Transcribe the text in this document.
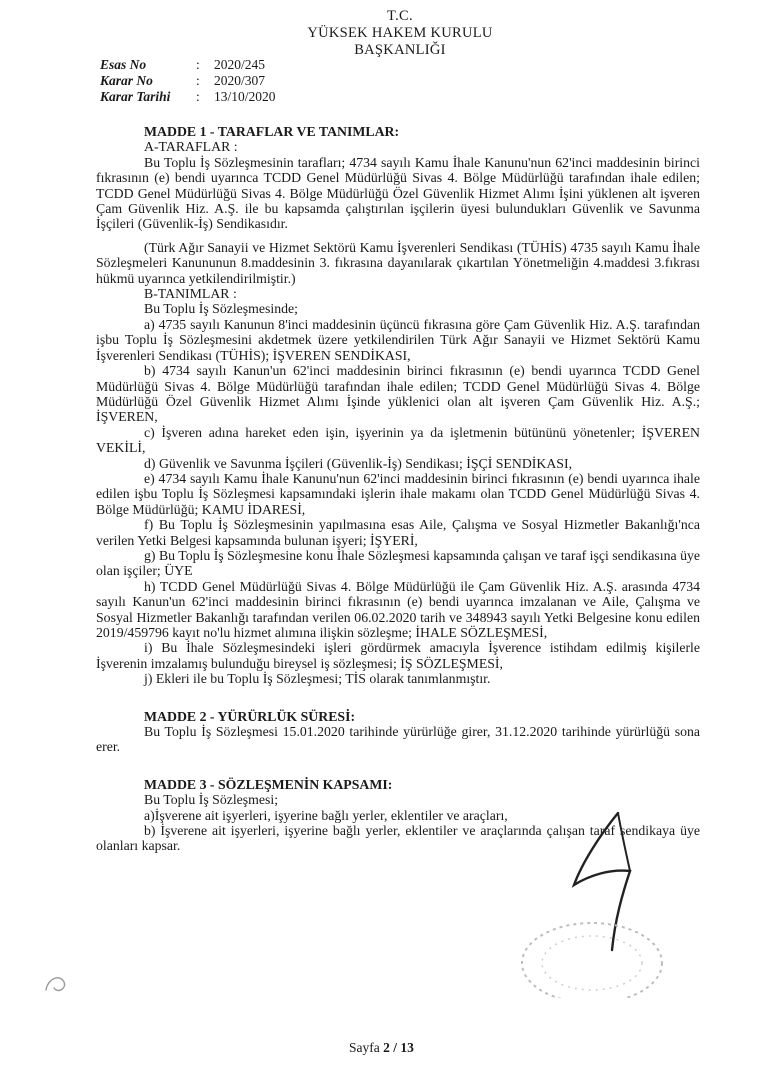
T.C.
YÜKSEK HAKEM KURULU
BAŞKANLIĞI
Esas No	:	2020/245
Karar No	:	2020/307
Karar Tarihi	:	13/10/2020
MADDE 1 - TARAFLAR VE TANIMLAR:
A-TARAFLAR :

Bu Toplu İş Sözleşmesinin tarafları; 4734 sayılı Kamu İhale Kanunu'nun 62'inci maddesinin birinci fıkrasının (e) bendi uyarınca TCDD Genel Müdürlüğü Sivas 4. Bölge Müdürlüğü tarafından ihale edilen; TCDD Genel Müdürlüğü Sivas 4. Bölge Müdürlüğü Özel Güvenlik Hizmet Alımı İşini yüklenen alt işveren Çam Güvenlik Hiz. A.Ş. ile bu kapsamda çalıştırılan işçilerin üyesi bulundukları Güvenlik ve Savunma İşçileri (Güvenlik-İş) Sendikasıdır.

(Türk Ağır Sanayii ve Hizmet Sektörü Kamu İşverenleri Sendikası (TÜHİS) 4735 sayılı Kamu İhale Sözleşmeleri Kanununun 8.maddesinin 3. fıkrasına dayanılarak çıkartılan Yönetmeliğin 4.maddesi 3.fıkrası hükmü uyarınca yetkilendirilmiştir.)

B-TANIMLAR :
Bu Toplu İş Sözleşmesinde;

a) 4735 sayılı Kanunun 8'inci maddesinin üçüncü fıkrasına göre Çam Güvenlik Hiz. A.Ş. tarafından işbu Toplu İş Sözleşmesini akdetmek üzere yetkilendirilen Türk Ağır Sanayii ve Hizmet Sektörü Kamu İşverenleri Sendikası (TÜHİS); İŞVEREN SENDİKASI,

b) 4734 sayılı Kanun'un 62'inci maddesinin birinci fıkrasının (e) bendi uyarınca TCDD Genel Müdürlüğü Sivas 4. Bölge Müdürlüğü tarafından ihale edilen; TCDD Genel Müdürlüğü Sivas 4. Bölge Müdürlüğü Özel Güvenlik Hizmet Alımı İşinde yüklenici olan alt işveren Çam Güvenlik Hiz. A.Ş.; İŞVEREN,

c) İşveren adına hareket eden işin, işyerinin ya da işletmenin bütününü yönetenler; İŞVEREN VEKİLİ,

d) Güvenlik ve Savunma İşçileri (Güvenlik-İş) Sendikası; İŞÇİ SENDİKASI,

e) 4734 sayılı Kamu İhale Kanunu'nun 62'inci maddesinin birinci fıkrasının (e) bendi uyarınca ihale edilen işbu Toplu İş Sözleşmesi kapsamındaki işlerin ihale makamı olan TCDD Genel Müdürlüğü Sivas 4. Bölge Müdürlüğü; KAMU İDARESİ,

f) Bu Toplu İş Sözleşmesinin yapılmasına esas Aile, Çalışma ve Sosyal Hizmetler Bakanlığı'nca verilen Yetki Belgesi kapsamında bulunan işyeri; İŞYERİ,

g) Bu Toplu İş Sözleşmesine konu İhale Sözleşmesi kapsamında çalışan ve taraf işçi sendikasına üye olan işçiler; ÜYE

h) TCDD Genel Müdürlüğü Sivas 4. Bölge Müdürlüğü ile Çam Güvenlik Hiz. A.Ş. arasında 4734 sayılı Kanun'un 62'inci maddesinin birinci fıkrasının (e) bendi uyarınca imzalanan ve Aile, Çalışma ve Sosyal Hizmetler Bakanlığı tarafından verilen 06.02.2020 tarih ve 348943 sayılı Yetki Belgesine konu edilen 2019/459796 kayıt no'lu hizmet alımına ilişkin sözleşme; İHALE SÖZLEŞMESİ,

i) Bu İhale Sözleşmesindeki işleri gördürmek amacıyla İşverence istihdam edilmiş kişilerle İşverenin imzalamış bulunduğu bireysel iş sözleşmesi; İŞ SÖZLEŞMESİ,

j) Ekleri ile bu Toplu İş Sözleşmesi; TİS olarak tanımlanmıştır.

MADDE 2 - YÜRÜRLÜK SÜRESİ:

Bu Toplu İş Sözleşmesi 15.01.2020 tarihinde yürürlüğe girer, 31.12.2020 tarihinde yürürlüğü sona erer.

MADDE 3 - SÖZLEŞMENİN KAPSAMI:
Bu Toplu İş Sözleşmesi;
a)İşverene ait işyerleri, işyerine bağlı yerler, eklentiler ve araçları,

b) İşverene ait işyerleri, işyerine bağlı yerler, eklentiler ve araçlarında çalışan taraf sendikaya üye olanları kapsar.

Sayfa 2 / 13
